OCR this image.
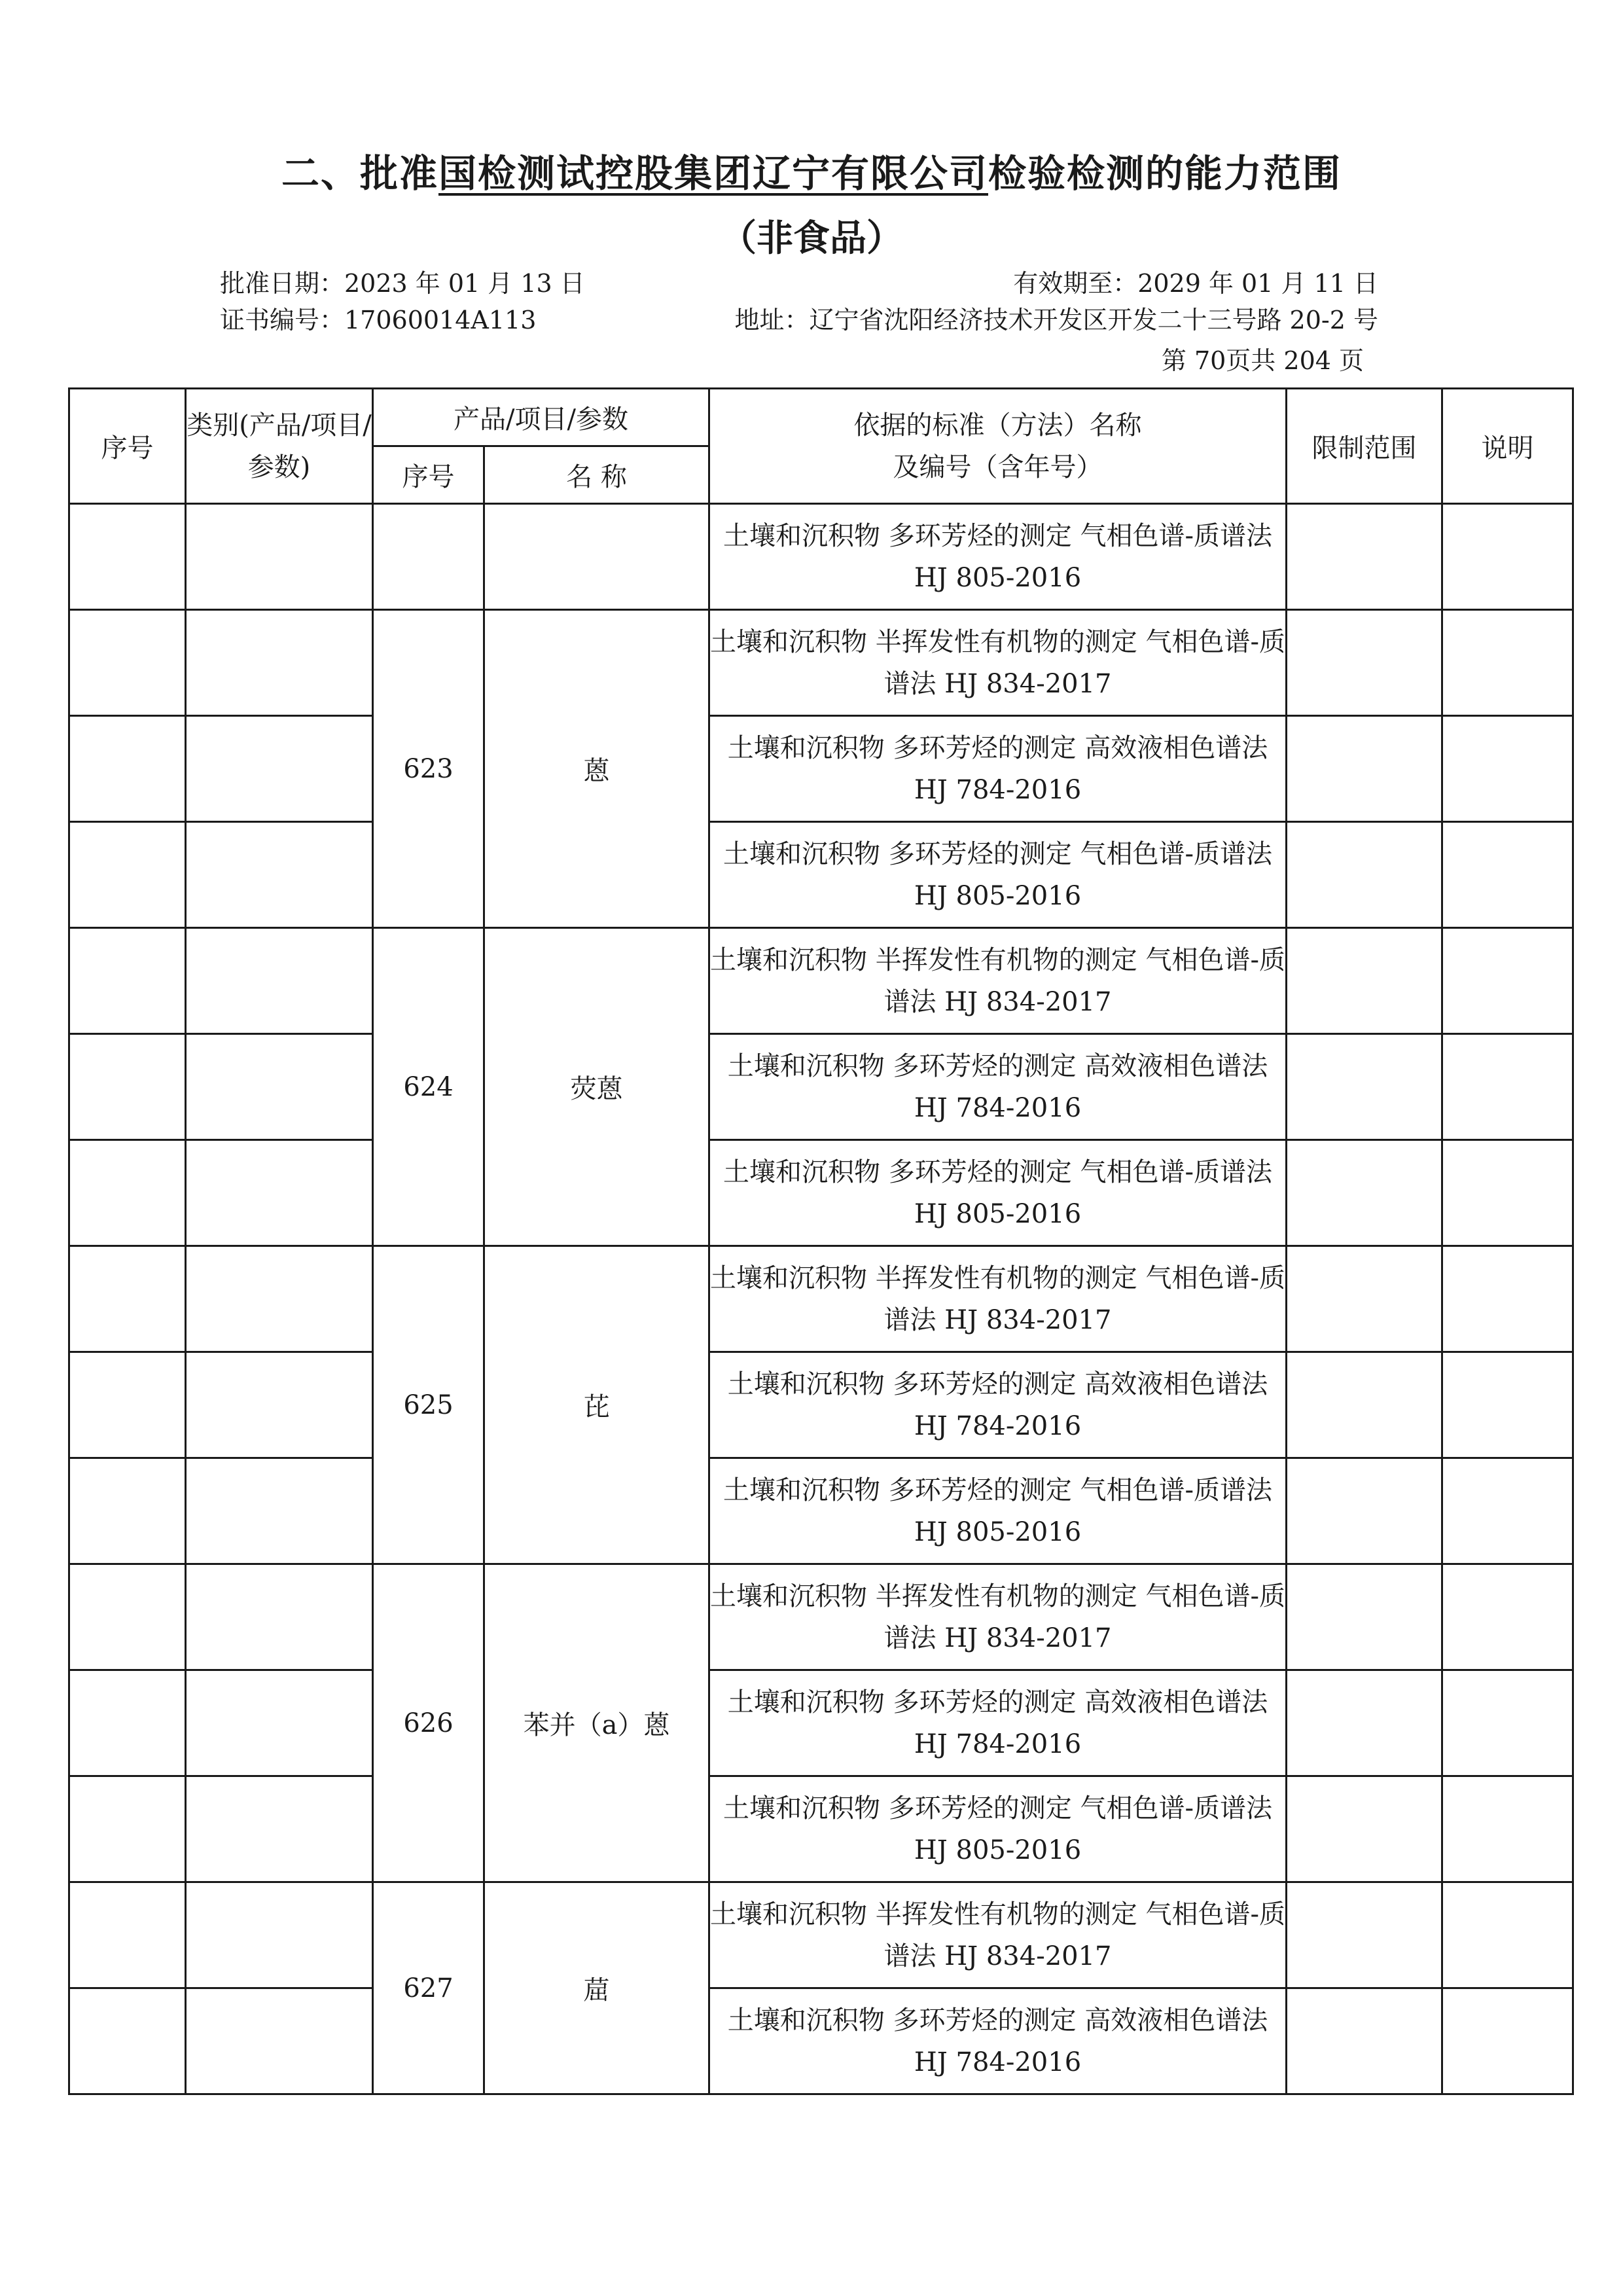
二、批准国检测试控股集团辽宁有限公司检验检测的能力范围
（非食品）
批准日期：2023 年 01 月 13 日	有效期至：2029 年 01 月 11 日
证书编号：17060014A113	地址：辽宁省沈阳经济技术开发区开发二十三号路 20-2 号
第 70页共 204 页
序号	类别(产品/项目/参数)	产品/项目/参数		依据的标准（方法）名称
及编号（含年号）	限制范围	说明
		序号	名 称			
				土壤和沉积物 多环芳烃的测定 气相色谱-质谱法 HJ 805-2016		
		623	蒽	土壤和沉积物 半挥发性有机物的测定 气相色谱-质谱法 HJ 834-2017		
				土壤和沉积物 多环芳烃的测定 高效液相色谱法 HJ 784-2016		
				土壤和沉积物 多环芳烃的测定 气相色谱-质谱法 HJ 805-2016		
		624	荧蒽	土壤和沉积物 半挥发性有机物的测定 气相色谱-质谱法 HJ 834-2017		
				土壤和沉积物 多环芳烃的测定 高效液相色谱法 HJ 784-2016		
				土壤和沉积物 多环芳烃的测定 气相色谱-质谱法 HJ 805-2016		
		625	芘	土壤和沉积物 半挥发性有机物的测定 气相色谱-质谱法 HJ 834-2017		
				土壤和沉积物 多环芳烃的测定 高效液相色谱法 HJ 784-2016		
				土壤和沉积物 多环芳烃的测定 气相色谱-质谱法 HJ 805-2016		
		626	苯并（a）蒽	土壤和沉积物 半挥发性有机物的测定 气相色谱-质谱法 HJ 834-2017		
				土壤和沉积物 多环芳烃的测定 高效液相色谱法 HJ 784-2016		
				土壤和沉积物 多环芳烃的测定 气相色谱-质谱法 HJ 805-2016		
		627	䓛	土壤和沉积物 半挥发性有机物的测定 气相色谱-质谱法 HJ 834-2017		
				土壤和沉积物 多环芳烃的测定 高效液相色谱法 HJ 784-2016		
